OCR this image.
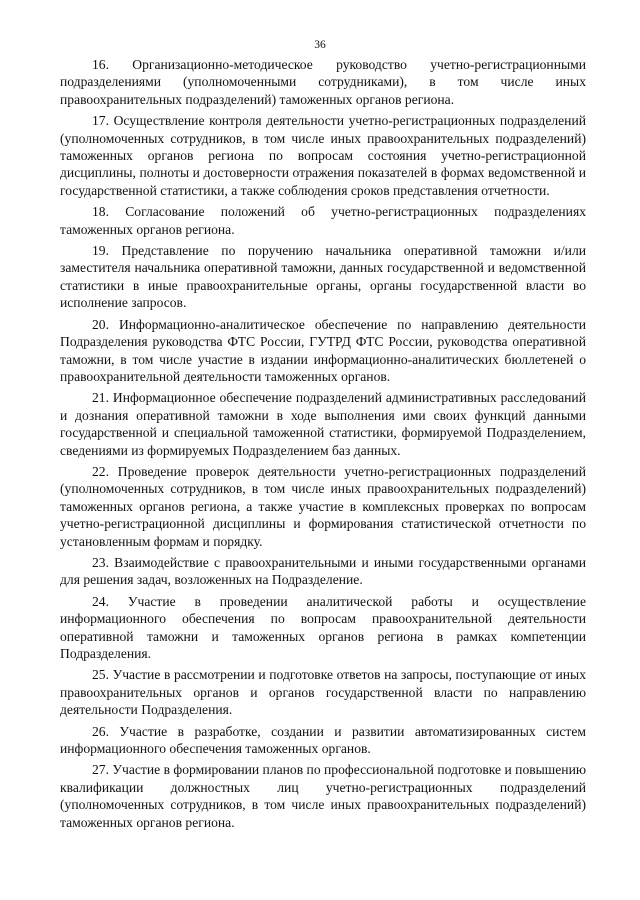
36

16. Организационно-методическое руководство учетно-регистрационными подразделениями (уполномоченными сотрудниками), в том числе иных правоохранительных подразделений) таможенных органов региона.

17. Осуществление контроля деятельности учетно-регистрационных подразделений (уполномоченных сотрудников, в том числе иных правоохранительных подразделений) таможенных органов региона по вопросам состояния учетно-регистрационной дисциплины, полноты и достоверности отражения показателей в формах ведомственной и государственной статистики, а также соблюдения сроков представления отчетности.

18. Согласование положений об учетно-регистрационных подразделениях таможенных органов региона.

19. Представление по поручению начальника оперативной таможни и/или заместителя начальника оперативной таможни, данных государственной и ведомственной статистики в иные правоохранительные органы, органы государственной власти во исполнение запросов.

20. Информационно-аналитическое обеспечение по направлению деятельности Подразделения руководства ФТС России, ГУТРД ФТС России, руководства оперативной таможни, в том числе участие в издании информационно-аналитических бюллетеней о правоохранительной деятельности таможенных органов.

21. Информационное обеспечение подразделений административных расследований и дознания оперативной таможни в ходе выполнения ими своих функций данными государственной и специальной таможенной статистики, формируемой Подразделением, сведениями из формируемых Подразделением баз данных.

22. Проведение проверок деятельности учетно-регистрационных подразделений (уполномоченных сотрудников, в том числе иных правоохранительных подразделений) таможенных органов региона, а также участие в комплексных проверках по вопросам учетно-регистрационной дисциплины и формирования статистической отчетности по установленным формам и порядку.

23. Взаимодействие с правоохранительными и иными государственными органами для решения задач, возложенных на Подразделение.

24. Участие в проведении аналитической работы и осуществление информационного обеспечения по вопросам правоохранительной деятельности оперативной таможни и таможенных органов региона в рамках компетенции Подразделения.

25. Участие в рассмотрении и подготовке ответов на запросы, поступающие от иных правоохранительных органов и органов государственной власти по направлению деятельности Подразделения.

26. Участие в разработке, создании и развитии автоматизированных систем информационного обеспечения таможенных органов.

27. Участие в формировании планов по профессиональной подготовке и повышению квалификации должностных лиц учетно-регистрационных подразделений (уполномоченных сотрудников, в том числе иных правоохранительных подразделений) таможенных органов региона.
